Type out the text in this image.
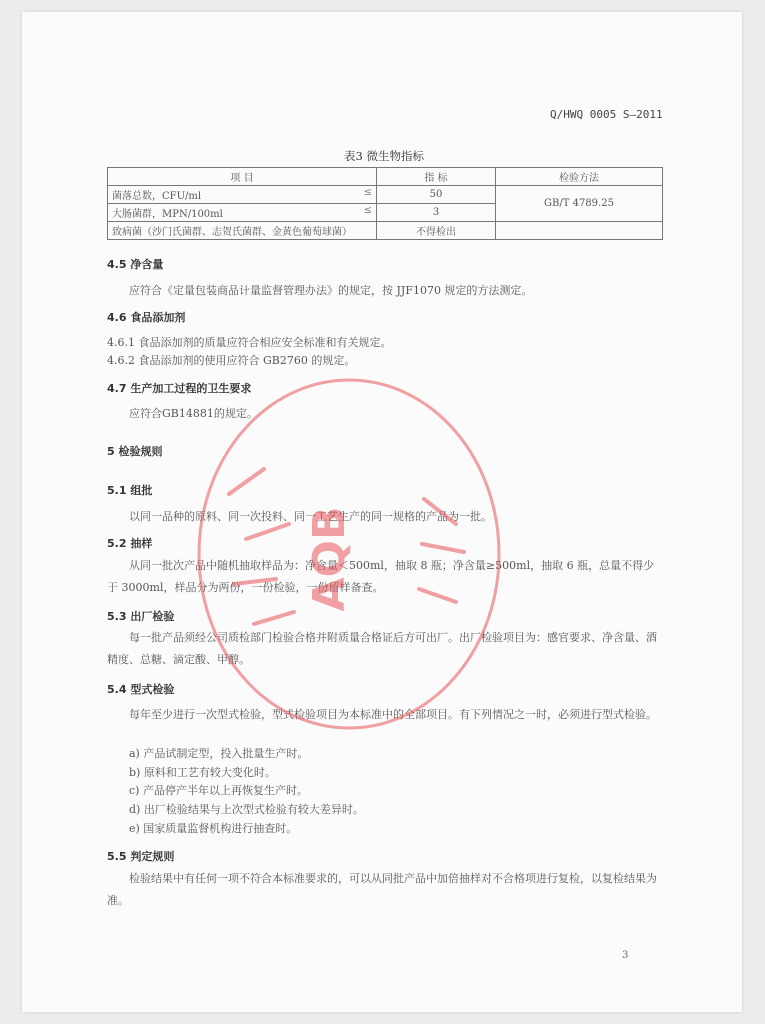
Q/HWQ 0005 S—2011
表3 微生物指标
项 目	指 标	检验方法
菌落总数，CFU/ml ≤	50	GB/T 4789.25
大肠菌群，MPN/100ml ≤	3	
致病菌（沙门氏菌群、志贺氏菌群、金黄色葡萄球菌）	不得检出	
4.5 净含量
应符合《定量包装商品计量监督管理办法》的规定，按 JJF1070 规定的方法测定。
4.6 食品添加剂
4.6.1 食品添加剂的质量应符合相应安全标准和有关规定。
4.6.2 食品添加剂的使用应符合 GB2760 的规定。
4.7 生产加工过程的卫生要求
应符合GB14881的规定。
5 检验规则
5.1 组批
以同一品种的原料、同一次投料、同一工艺生产的同一规格的产品为一批。
5.2 抽样
从同一批次产品中随机抽取样品为：净含量＜500ml，抽取 8 瓶；净含量≥500ml，抽取 6 瓶，总量不得少于 3000ml，样品分为两份，一份检验，一份留样备查。
5.3 出厂检验
每一批产品须经公司质检部门检验合格并附质量合格证后方可出厂。出厂检验项目为：感官要求、净含量、酒精度、总糖、滴定酸、甲醇。
5.4 型式检验
每年至少进行一次型式检验，型式检验项目为本标准中的全部项目。有下列情况之一时，必须进行型式检验。
a) 产品试制定型，投入批量生产时。
b) 原料和工艺有较大变化时。
c) 产品停产半年以上再恢复生产时。
d) 出厂检验结果与上次型式检验有较大差异时。
e) 国家质量监督机构进行抽查时。
5.5 判定规则
检验结果中有任何一项不符合本标准要求的，可以从同批产品中加倍抽样对不合格项进行复检，以复检结果为准。
3
AQB
